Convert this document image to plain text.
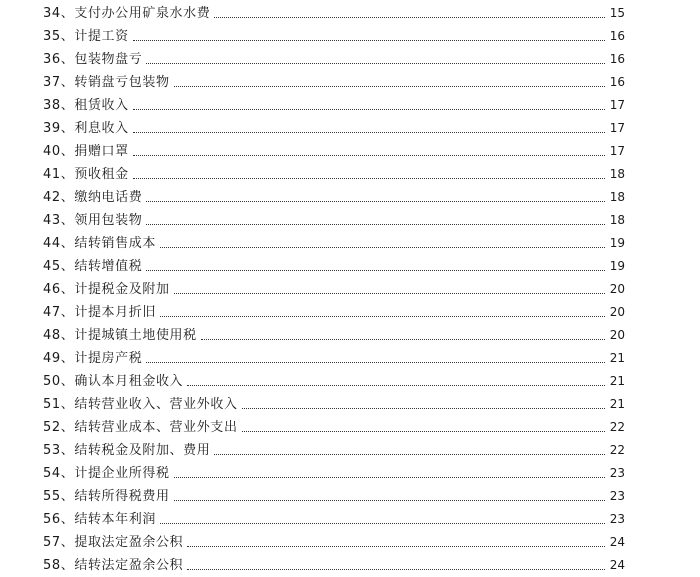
34、支付办公用矿泉水水费	15
35、计提工资	16
36、包装物盘亏	16
37、转销盘亏包装物	16
38、租赁收入	17
39、利息收入	17
40、捐赠口罩	17
41、预收租金	18
42、缴纳电话费	18
43、领用包装物	18
44、结转销售成本	19
45、结转增值税	19
46、计提税金及附加	20
47、计提本月折旧	20
48、计提城镇土地使用税	20
49、计提房产税	21
50、确认本月租金收入	21
51、结转营业收入、营业外收入	21
52、结转营业成本、营业外支出	22
53、结转税金及附加、费用	22
54、计提企业所得税	23
55、结转所得税费用	23
56、结转本年利润	23
57、提取法定盈余公积	24
58、结转法定盈余公积	24
